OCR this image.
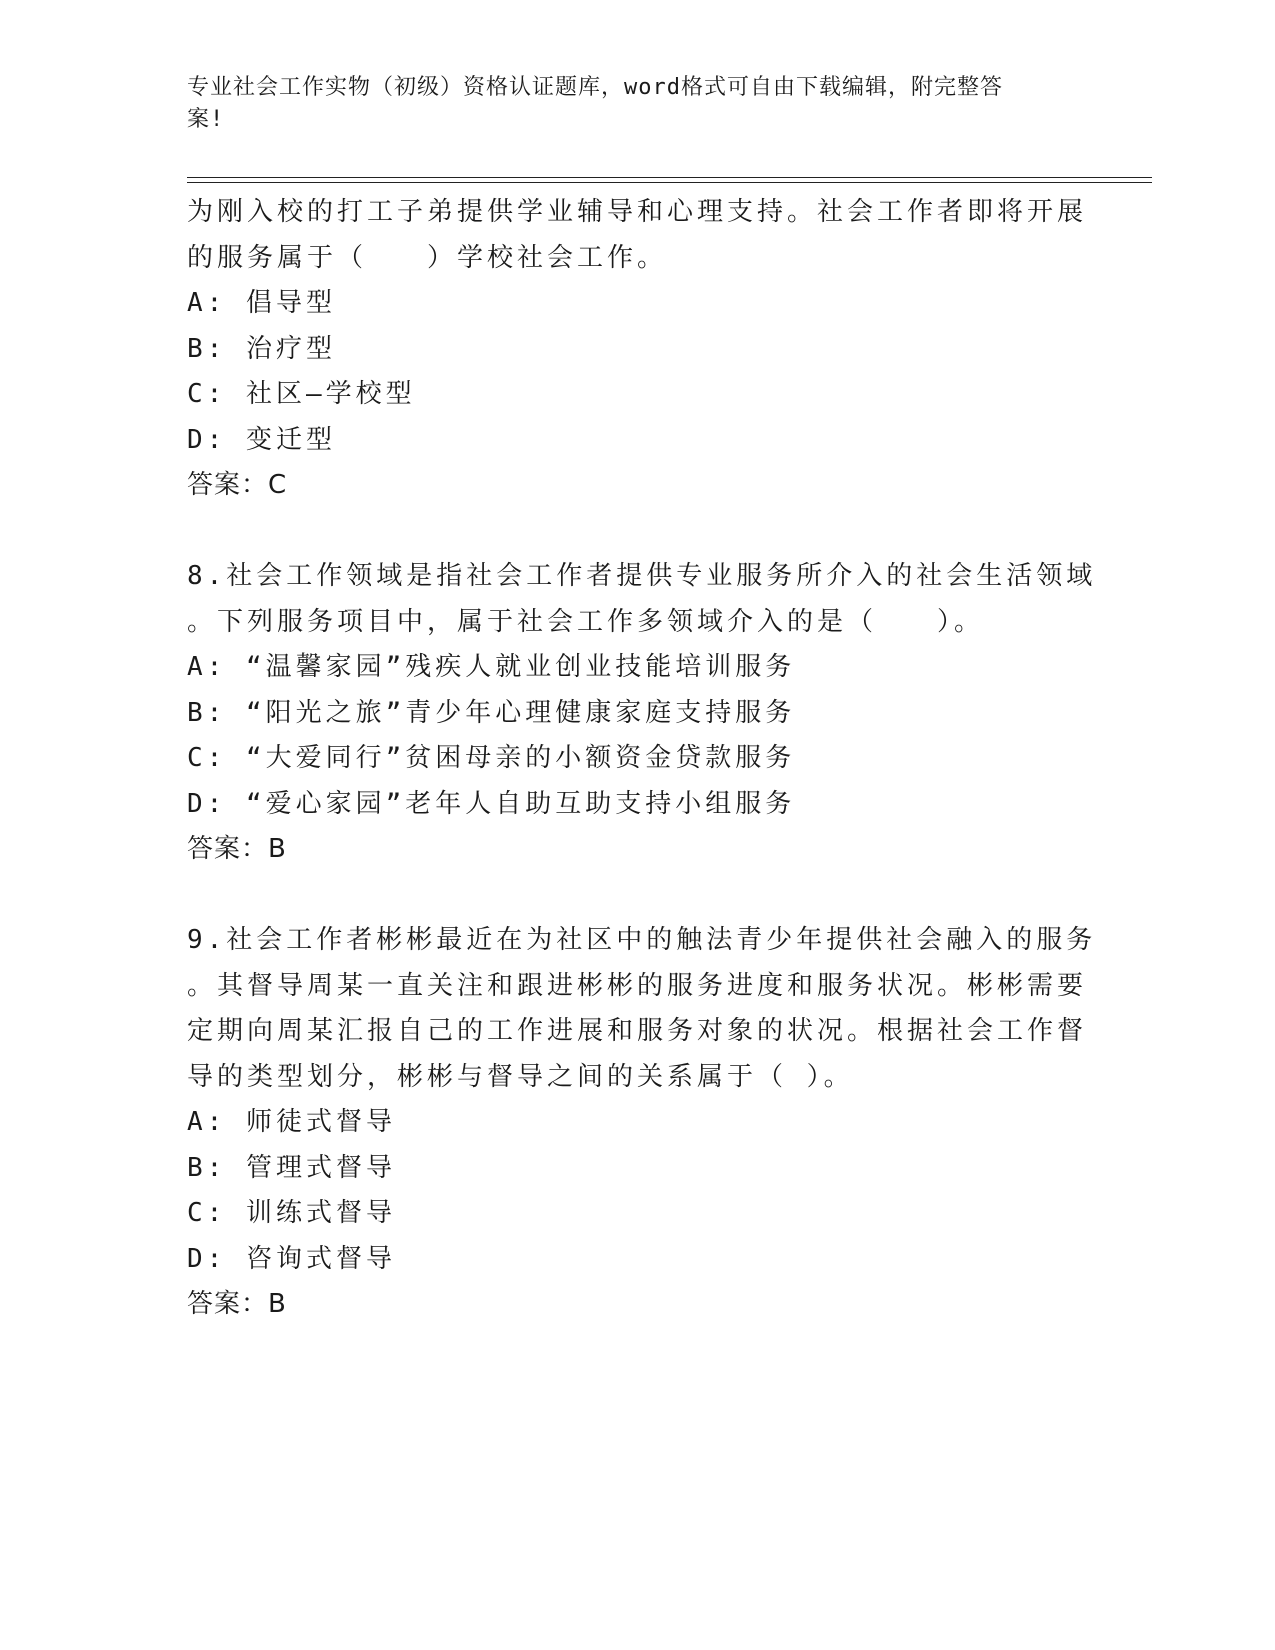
专业社会工作实物（初级）资格认证题库，word格式可自由下载编辑，附完整答
案!
为刚入校的打工子弟提供学业辅导和心理支持。社会工作者即将开展
的服务属于（　　）学校社会工作。
A: 倡导型
B: 治疗型
C: 社区—学校型
D: 变迁型
答案：C
8.社会工作领域是指社会工作者提供专业服务所介入的社会生活领域
。下列服务项目中，属于社会工作多领域介入的是（　　）。
A: “温馨家园”残疾人就业创业技能培训服务
B: “阳光之旅”青少年心理健康家庭支持服务
C: “大爱同行”贫困母亲的小额资金贷款服务
D: “爱心家园”老年人自助互助支持小组服务
答案：B
9.社会工作者彬彬最近在为社区中的触法青少年提供社会融入的服务
。其督导周某一直关注和跟进彬彬的服务进度和服务状况。彬彬需要
定期向周某汇报自己的工作进展和服务对象的状况。根据社会工作督
导的类型划分，彬彬与督导之间的关系属于（ ）。
A: 师徒式督导
B: 管理式督导
C: 训练式督导
D: 咨询式督导
答案：B
